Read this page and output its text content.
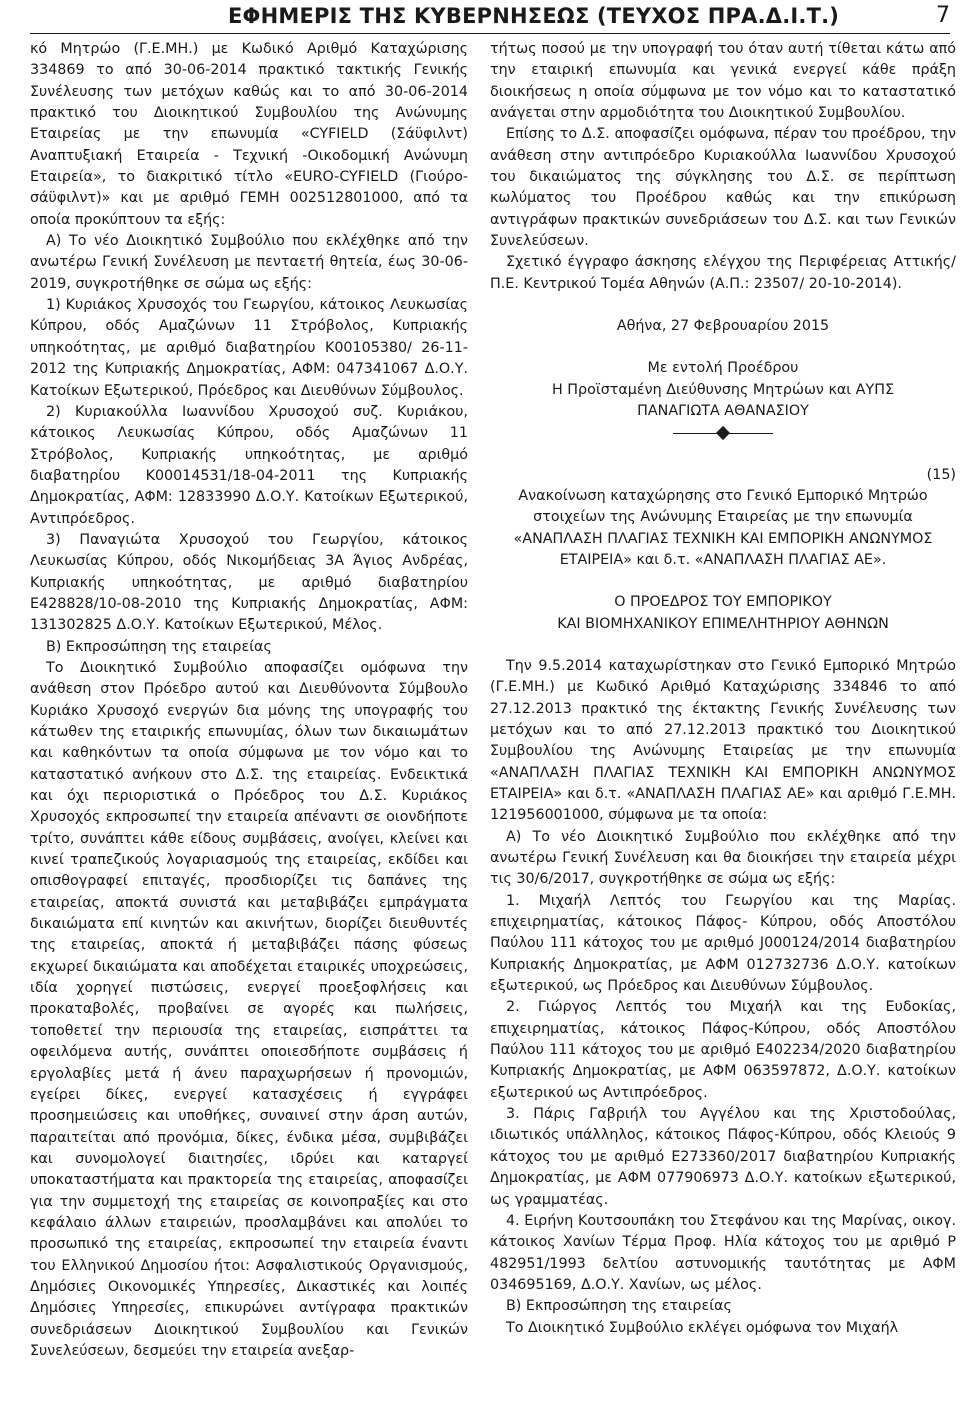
ΕΦΗΜΕΡΙΣ ΤΗΣ ΚΥΒΕΡΝΗΣΕΩΣ (ΤΕΥΧΟΣ ΠΡΑ.Δ.Ι.Τ.)	7

κό Μητρώο (Γ.Ε.ΜΗ.) με Κωδικό Αριθμό Καταχώρισης 334869 το από 30-06-2014 πρακτικό τακτικής Γενικής Συνέλευσης των μετόχων καθώς και το από 30-06-2014 πρακτικό του Διοικητικού Συμβουλίου της Ανώνυμης Εταιρείας με την επωνυμία «CYFIELD (Σάϋφιλντ) Αναπτυξιακή Εταιρεία - Τεχνική -Οικοδομική Ανώνυμη Εταιρεία», το διακριτικό τίτλο «EURO-CYFIELD (Γιούρο-σάϋφιλντ)» και με αριθμό ΓΕΜΗ 002512801000, από τα οποία προκύπτουν τα εξής:

Α) Το νέο Διοικητικό Συμβούλιο που εκλέχθηκε από την ανωτέρω Γενική Συνέλευση με πενταετή θητεία, έως 30-06-2019, συγκροτήθηκε σε σώμα ως εξής:

1) Κυριάκος Χρυσοχός του Γεωργίου, κάτοικος Λευκωσίας Κύπρου, οδός Αμαζώνων 11 Στρόβολος, Κυπριακής υπηκοότητας, με αριθμό διαβατηρίου K00105380/ 26-11-2012 της Κυπριακής Δημοκρατίας, ΑΦΜ: 047341067 Δ.Ο.Υ. Κατοίκων Εξωτερικού, Πρόεδρος και Διευθύνων Σύμβουλος.

2) Κυριακούλλα Ιωαννίδου Χρυσοχού συζ. Κυριάκου, κάτοικος Λευκωσίας Κύπρου, οδός Αμαζώνων 11 Στρόβολος, Κυπριακής υπηκοότητας, με αριθμό διαβατηρίου K00014531/18-04-2011 της Κυπριακής Δημοκρατίας, ΑΦΜ: 12833990 Δ.Ο.Υ. Κατοίκων Εξωτερικού, Αντιπρόεδρος.

3) Παναγιώτα Χρυσοχού του Γεωργίου, κάτοικος Λευκωσίας Κύπρου, οδός Νικομήδειας 3Α Άγιος Ανδρέας, Κυπριακής υπηκοότητας, με αριθμό διαβατηρίου E428828/10-08-2010 της Κυπριακής Δημοκρατίας, ΑΦΜ: 131302825 Δ.Ο.Υ. Κατοίκων Εξωτερικού, Μέλος.

Β) Εκπροσώπηση της εταιρείας

Το Διοικητικό Συμβούλιο αποφασίζει ομόφωνα την ανάθεση στον Πρόεδρο αυτού και Διευθύνοντα Σύμβουλο Κυριάκο Χρυσοχό ενεργών δια μόνης της υπογραφής του κάτωθεν της εταιρικής επωνυμίας, όλων των δικαιωμάτων και καθηκόντων τα οποία σύμφωνα με τον νόμο και το καταστατικό ανήκουν στο Δ.Σ. της εταιρείας. Ενδεικτικά και όχι περιοριστικά ο Πρόεδρος του Δ.Σ. Κυριάκος Χρυσοχός εκπροσωπεί την εταιρεία απέναντι σε οιονδήποτε τρίτο, συνάπτει κάθε είδους συμβάσεις, ανοίγει, κλείνει και κινεί τραπεζικούς λογαριασμούς της εταιρείας, εκδίδει και οπισθογραφεί επιταγές, προσδιορίζει τις δαπάνες της εταιρείας, αποκτά συνιστά και μεταβιβάζει εμπράγματα δικαιώματα επί κινητών και ακινήτων, διορίζει διευθυντές της εταιρείας, αποκτά ή μεταβιβάζει πάσης φύσεως εκχωρεί δικαιώματα και αποδέχεται εταιρικές υποχρεώσεις, ιδία χορηγεί πιστώσεις, ενεργεί προεξοφλήσεις και προκαταβολές, προβαίνει σε αγορές και πωλήσεις, τοποθετεί την περιουσία της εταιρείας, εισπράττει τα οφειλόμενα αυτής, συνάπτει οποιεσδήποτε συμβάσεις ή εργολαβίες μετά ή άνευ παραχωρήσεων ή προνομιών, εγείρει δίκες, ενεργεί κατασχέσεις ή εγγράφει προσημειώσεις και υποθήκες, συναινεί στην άρση αυτών, παραιτείται από προνόμια, δίκες, ένδικα μέσα, συμβιβάζει και συνομολογεί διαιτησίες, ιδρύει και καταργεί υποκαταστήματα και πρακτορεία της εταιρείας, αποφασίζει για την συμμετοχή της εταιρείας σε κοινοπραξίες και στο κεφάλαιο άλλων εταιρειών, προσλαμβάνει και απολύει το προσωπικό της εταιρείας, εκπροσωπεί την εταιρεία έναντι του Ελληνικού Δημοσίου ήτοι: Ασφαλιστικούς Οργανισμούς, Δημόσιες Οικονομικές Υπηρεσίες, Δικαστικές και λοιπές Δημόσιες Υπηρεσίες, επικυρώνει αντίγραφα πρακτικών συνεδριάσεων Διοικητικού Συμβουλίου και Γενικών Συνελεύσεων, δεσμεύει την εταιρεία ανεξαρ-

τήτως ποσού με την υπογραφή του όταν αυτή τίθεται κάτω από την εταιρική επωνυμία και γενικά ενεργεί κάθε πράξη διοικήσεως η οποία σύμφωνα με τον νόμο και το καταστατικό ανάγεται στην αρμοδιότητα του Διοικητικού Συμβουλίου.

Επίσης το Δ.Σ. αποφασίζει ομόφωνα, πέραν του προέδρου, την ανάθεση στην αντιπρόεδρο Κυριακούλλα Ιωαννίδου Χρυσοχού του δικαιώματος της σύγκλησης του Δ.Σ. σε περίπτωση κωλύματος του Προέδρου καθώς και την επικύρωση αντιγράφων πρακτικών συνεδριάσεων του Δ.Σ. και των Γενικών Συνελεύσεων.

Σχετικό έγγραφο άσκησης ελέγχου της Περιφέρειας Αττικής/ Π.Ε. Κεντρικού Τομέα Αθηνών (Α.Π.: 23507/ 20-10-2014).

Αθήνα, 27 Φεβρουαρίου 2015

Με εντολή Προέδρου

Η Προϊσταμένη Διεύθυνσης Μητρώων και ΑΥΠΣ

ΠΑΝΑΓΙΩΤΑ ΑΘΑΝΑΣΙΟΥ

(15)

Ανακοίνωση καταχώρησης στο Γενικό Εμπορικό Μητρώο στοιχείων της Ανώνυμης Εταιρείας με την επωνυμία «ΑΝΑΠΛΑΣΗ ΠΛΑΓΙΑΣ ΤΕΧΝΙΚΗ ΚΑΙ ΕΜΠΟΡΙΚΗ ΑΝΩΝΥΜΟΣ ΕΤΑΙΡΕΙΑ» και δ.τ. «ΑΝΑΠΛΑΣΗ ΠΛΑΓΙΑΣ ΑΕ».

Ο ΠΡΟΕΔΡΟΣ ΤΟΥ ΕΜΠΟΡΙΚΟΥ

ΚΑΙ ΒΙΟΜΗΧΑΝΙΚΟΥ ΕΠΙΜΕΛΗΤΗΡΙΟΥ ΑΘΗΝΩΝ

Την 9.5.2014 καταχωρίστηκαν στο Γενικό Εμπορικό Μητρώο (Γ.Ε.ΜΗ.) με Κωδικό Αριθμό Καταχώρισης 334846 το από 27.12.2013 πρακτικό της έκτακτης Γενικής Συνέλευσης των μετόχων και το από 27.12.2013 πρακτικό του Διοικητικού Συμβουλίου της Ανώνυμης Εταιρείας με την επωνυμία «ΑΝΑΠΛΑΣΗ ΠΛΑΓΙΑΣ ΤΕΧΝΙΚΗ ΚΑΙ ΕΜΠΟΡΙΚΗ ΑΝΩΝΥΜΟΣ ΕΤΑΙΡΕΙΑ» και δ.τ. «ΑΝΑΠΛΑΣΗ ΠΛΑΓΙΑΣ ΑΕ» και αριθμό Γ.Ε.ΜΗ. 121956001000, σύμφωνα με τα οποία:

Α) Το νέο Διοικητικό Συμβούλιο που εκλέχθηκε από την ανωτέρω Γενική Συνέλευση και θα διοικήσει την εταιρεία μέχρι τις 30/6/2017, συγκροτήθηκε σε σώμα ως εξής:

1. Μιχαήλ Λεπτός του Γεωργίου και της Μαρίας. επιχειρηματίας, κάτοικος Πάφος- Κύπρου, οδός Αποστόλου Παύλου 111 κάτοχος του με αριθμό J000124/2014 διαβατηρίου Κυπριακής Δημοκρατίας, με ΑΦΜ 012732736 Δ.Ο.Υ. κατοίκων εξωτερικού, ως Πρόεδρος και Διευθύνων Σύμβουλος.

2. Γιώργος Λεπτός του Μιχαήλ και της Ευδοκίας, επιχειρηματίας, κάτοικος Πάφος-Κύπρου, οδός Αποστόλου Παύλου 111 κάτοχος του με αριθμό E402234/2020 διαβατηρίου Κυπριακής Δημοκρατίας, με ΑΦΜ 063597872, Δ.Ο.Υ. κατοίκων εξωτερικού ως Αντιπρόεδρος.

3. Πάρις Γαβριήλ του Αγγέλου και της Χριστοδούλας, ιδιωτικός υπάλληλος, κάτοικος Πάφος-Κύπρου, οδός Κλειούς 9 κάτοχος του με αριθμό E273360/2017 διαβατηρίου Κυπριακής Δημοκρατίας, με ΑΦΜ 077906973 Δ.Ο.Υ. κατοίκων εξωτερικού, ως γραμματέας.

4. Ειρήνη Κουτσουπάκη του Στεφάνου και της Μαρίνας, οικογ. κάτοικος Χανίων Τέρμα Προφ. Ηλία κάτοχος του με αριθμό P 482951/1993 δελτίου αστυνομικής ταυτότητας με ΑΦΜ 034695169, Δ.Ο.Υ. Χανίων, ως μέλος.

Β) Εκπροσώπηση της εταιρείας

Το Διοικητικό Συμβούλιο εκλέγει ομόφωνα τον Μιχαήλ
